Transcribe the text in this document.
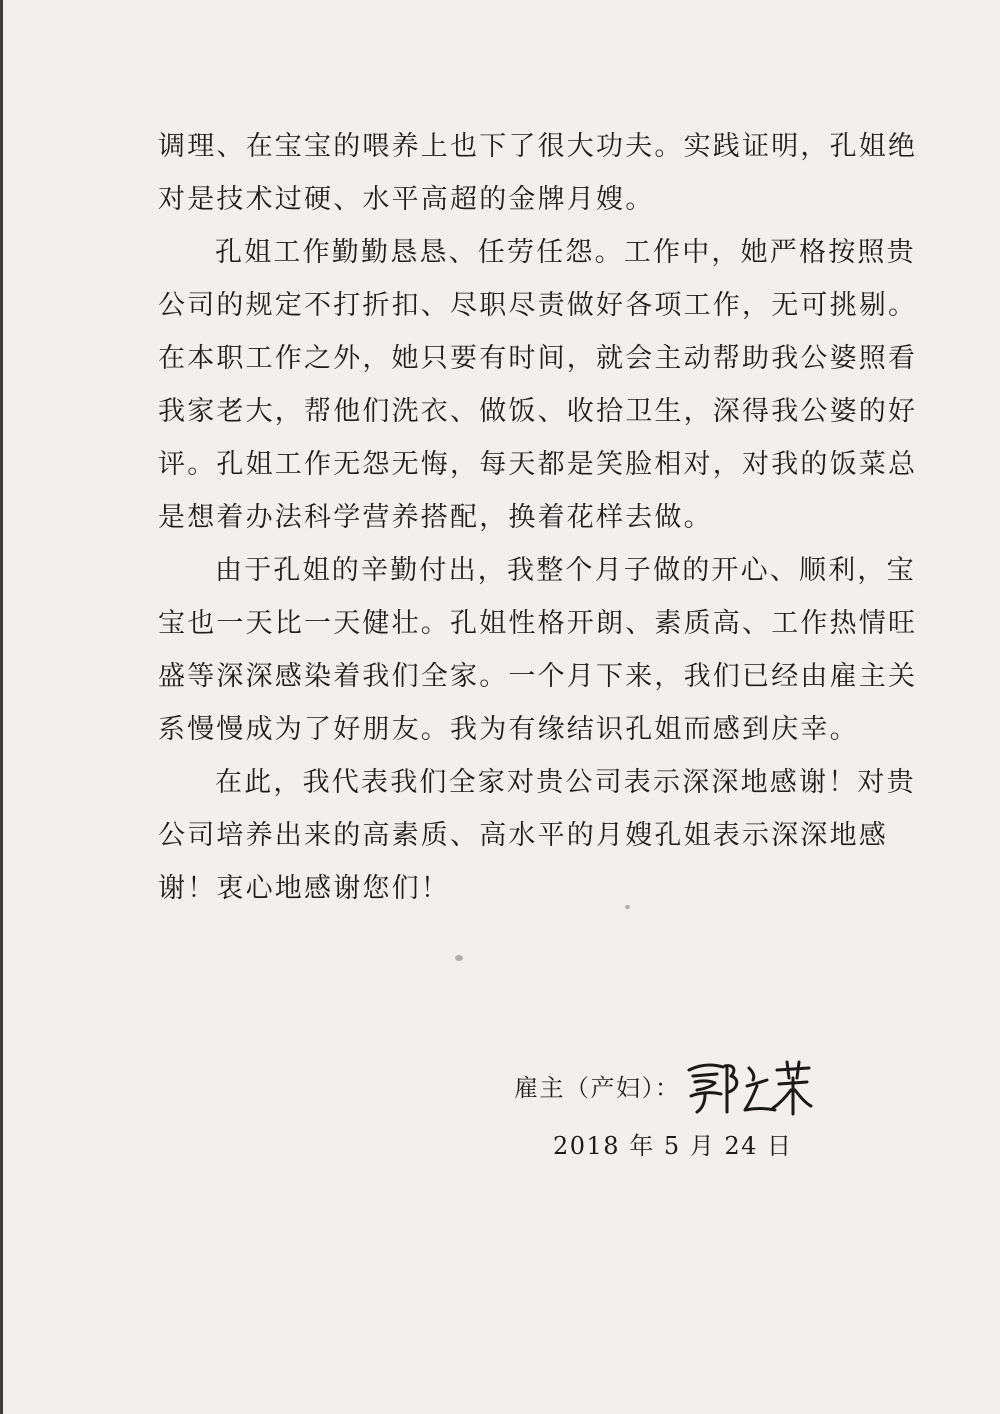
调理、在宝宝的喂养上也下了很大功夫。实践证明，孔姐绝
对是技术过硬、水平高超的金牌月嫂。

孔姐工作勤勤恳恳、任劳任怨。工作中，她严格按照贵
公司的规定不打折扣、尽职尽责做好各项工作，无可挑剔。
在本职工作之外，她只要有时间，就会主动帮助我公婆照看
我家老大，帮他们洗衣、做饭、收拾卫生，深得我公婆的好
评。孔姐工作无怨无悔，每天都是笑脸相对，对我的饭菜总
是想着办法科学营养搭配，换着花样去做。

由于孔姐的辛勤付出，我整个月子做的开心、顺利，宝
宝也一天比一天健壮。孔姐性格开朗、素质高、工作热情旺
盛等深深感染着我们全家。一个月下来，我们已经由雇主关
系慢慢成为了好朋友。我为有缘结识孔姐而感到庆幸。

在此，我代表我们全家对贵公司表示深深地感谢！对贵
公司培养出来的高素质、高水平的月嫂孔姐表示深深地感
谢！衷心地感谢您们！

雇主（产妇）：
2018 年 5 月 24 日
